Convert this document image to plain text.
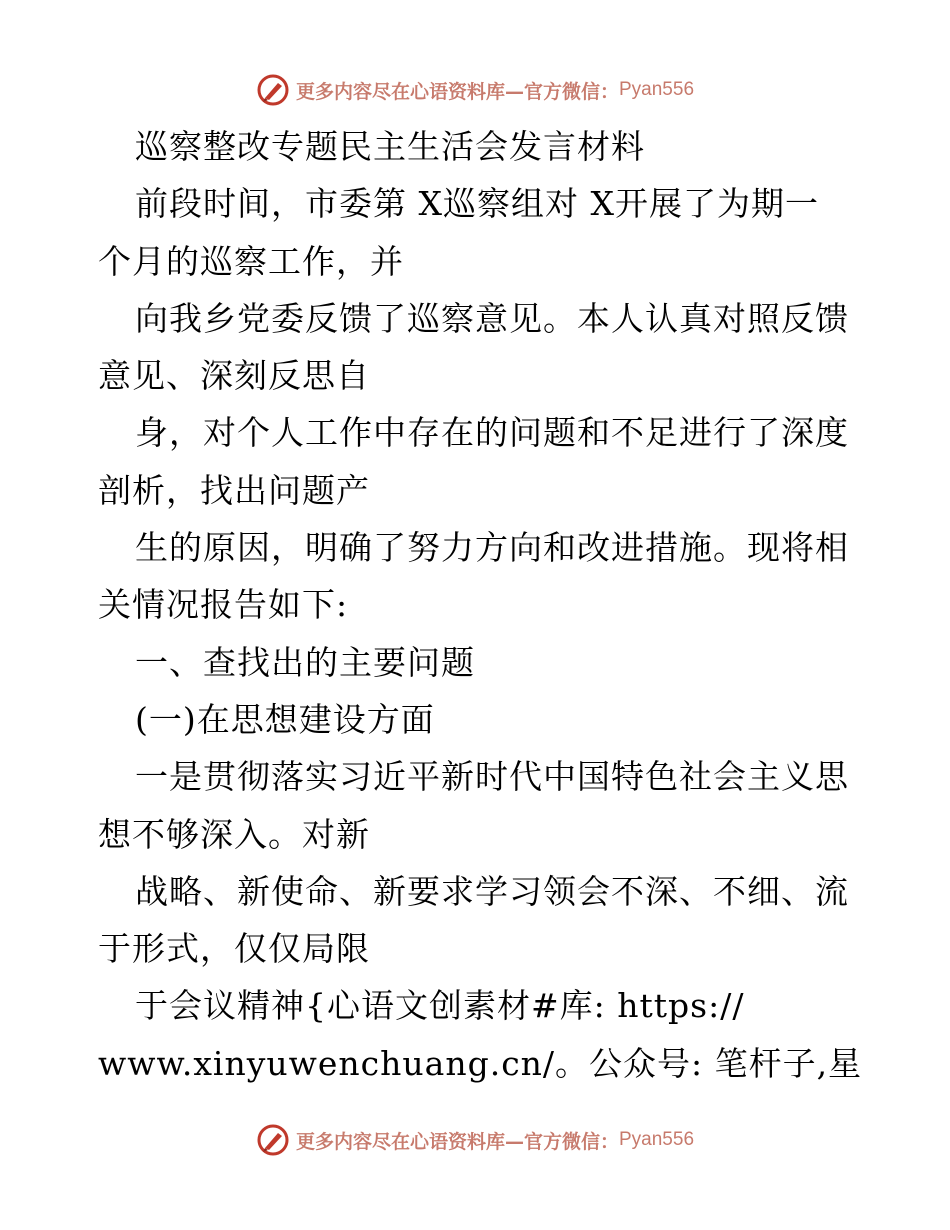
更多内容尽在心语资料库—官方微信： Pyan556
巡察整改专题民主生活会发言材料
前段时间，市委第 X巡察组对 X开展了为期一
个月的巡察工作，并
向我乡党委反馈了巡察意见。本人认真对照反馈
意见、深刻反思自
身，对个人工作中存在的问题和不足进行了深度
剖析，找出问题产
生的原因，明确了努力方向和改进措施。现将相
关情况报告如下:
一、查找出的主要问题
(一)在思想建设方面
一是贯彻落实习近平新时代中国特色社会主义思
想不够深入。对新
战略、新使命、新要求学习领会不深、不细、流
于形式，仅仅局限
于会议精神{心语文创素材#库: https://
www.xinyuwenchuang.cn/。公众号: 笔杆子,星
更多内容尽在心语资料库—官方微信： Pyan556
